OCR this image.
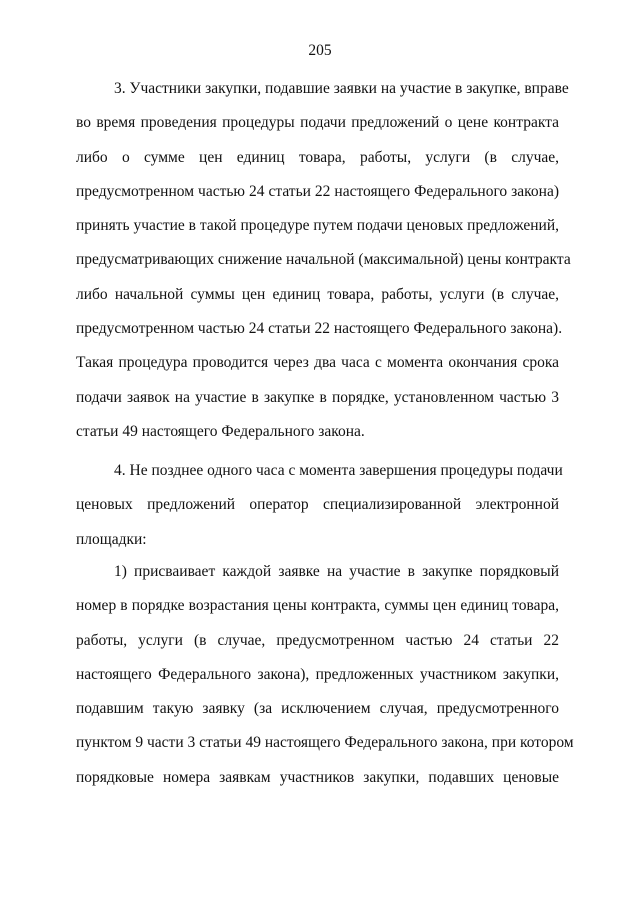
205
3. Участники закупки, подавшие заявки на участие в закупке, вправе
во время проведения процедуры подачи предложений о цене контракта
либо о сумме цен единиц товара, работы, услуги (в случае,
предусмотренном частью 24 статьи 22 настоящего Федерального закона)
принять участие в такой процедуре путем подачи ценовых предложений,
предусматривающих снижение начальной (максимальной) цены контракта
либо начальной суммы цен единиц товара, работы, услуги (в случае,
предусмотренном частью 24 статьи 22 настоящего Федерального закона).
Такая процедура проводится через два часа с момента окончания срока
подачи заявок на участие в закупке в порядке, установленном частью 3
статьи 49 настоящего Федерального закона.
4. Не позднее одного часа с момента завершения процедуры подачи
ценовых предложений оператор специализированной электронной
площадки:
1) присваивает каждой заявке на участие в закупке порядковый
номер в порядке возрастания цены контракта, суммы цен единиц товара,
работы, услуги (в случае, предусмотренном частью 24 статьи 22
настоящего Федерального закона), предложенных участником закупки,
подавшим такую заявку (за исключением случая, предусмотренного
пунктом 9 части 3 статьи 49 настоящего Федерального закона, при котором
порядковые номера заявкам участников закупки, подавших ценовые
